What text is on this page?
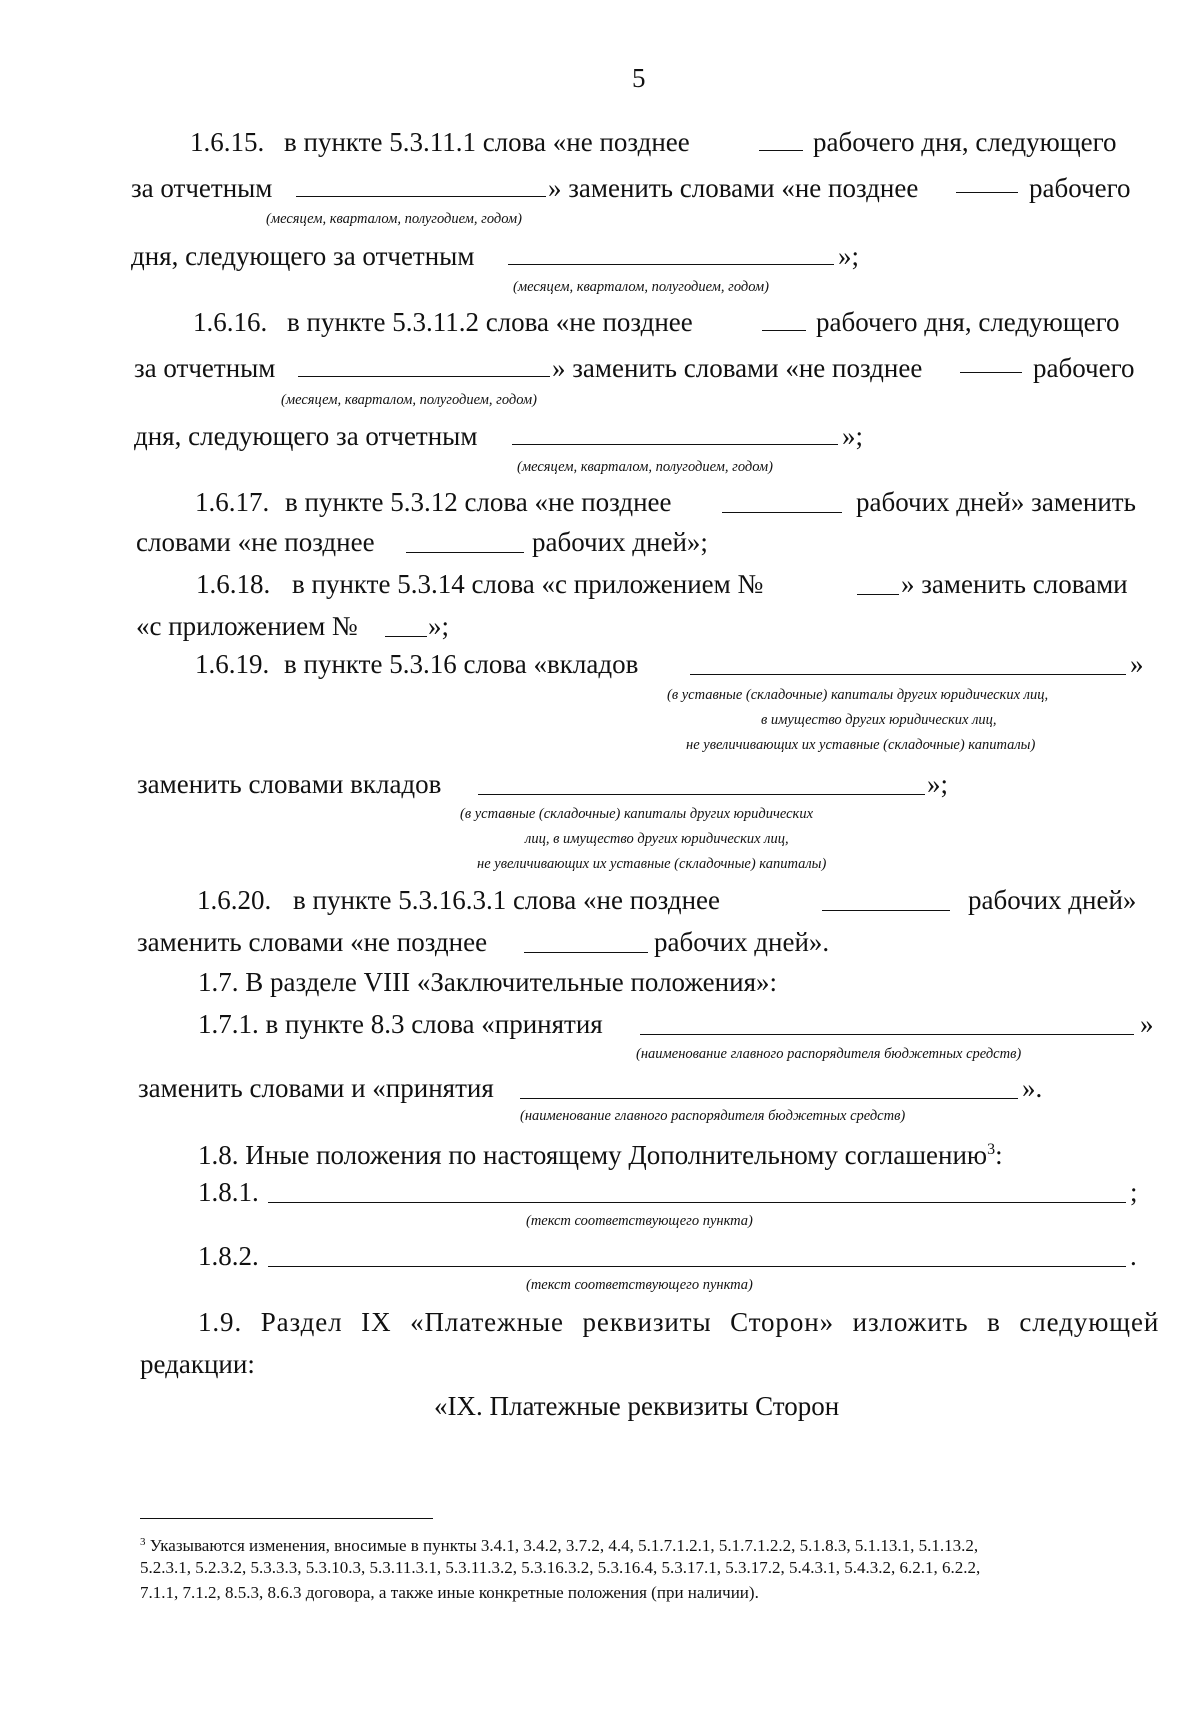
5
1.6.15. в пункте 5.3.11.1 слова «не позднее	рабочего дня, следующего
за отчетным	» заменить словами «не позднее	рабочего
(месяцем, кварталом, полугодием, годом)
дня, следующего за отчетным	»;
(месяцем, кварталом, полугодием, годом)
1.6.16. в пункте 5.3.11.2 слова «не позднее	рабочего дня, следующего
за отчетным	» заменить словами «не позднее	рабочего
(месяцем, кварталом, полугодием, годом)
дня, следующего за отчетным	»;
(месяцем, кварталом, полугодием, годом)
1.6.17. в пункте 5.3.12 слова «не позднее	рабочих дней» заменить
словами «не позднее	рабочих дней»;
1.6.18. в пункте 5.3.14 слова «с приложением №	» заменить словами
«с приложением №	»;
1.6.19. в пункте 5.3.16 слова «вкладов	»
(в уставные (складочные) капиталы других юридических лиц,
в имущество других юридических лиц,
не увеличивающих их уставные (складочные) капиталы)
заменить словами вкладов	»;
(в уставные (складочные) капиталы других юридических
лиц, в имущество других юридических лиц,
не увеличивающих их уставные (складочные) капиталы)
1.6.20. в пункте 5.3.16.3.1 слова «не позднее	рабочих дней»
заменить словами «не позднее	рабочих дней».
1.7. В разделе VIII «Заключительные положения»:
1.7.1. в пункте 8.3 слова «принятия	»
(наименование главного распорядителя бюджетных средств)
заменить словами и «принятия	».
(наименование главного распорядителя бюджетных средств)
1.8. Иные положения по настоящему Дополнительному соглашению$^3$:
1.8.1.	;
(текст соответствующего пункта)
1.8.2.	.
(текст соответствующего пункта)
1.9. Раздел IX «Платежные реквизиты Сторон» изложить в следующей
редакции:
«IX. Платежные реквизиты Сторон
$^3$ Указываются изменения, вносимые в пункты 3.4.1, 3.4.2, 3.7.2, 4.4, 5.1.7.1.2.1, 5.1.7.1.2.2, 5.1.8.3, 5.1.13.1, 5.1.13.2,
5.2.3.1, 5.2.3.2, 5.3.3.3, 5.3.10.3, 5.3.11.3.1, 5.3.11.3.2, 5.3.16.3.2, 5.3.16.4, 5.3.17.1, 5.3.17.2, 5.4.3.1, 5.4.3.2, 6.2.1, 6.2.2,
7.1.1, 7.1.2, 8.5.3, 8.6.3 договора, а также иные конкретные положения (при наличии).
